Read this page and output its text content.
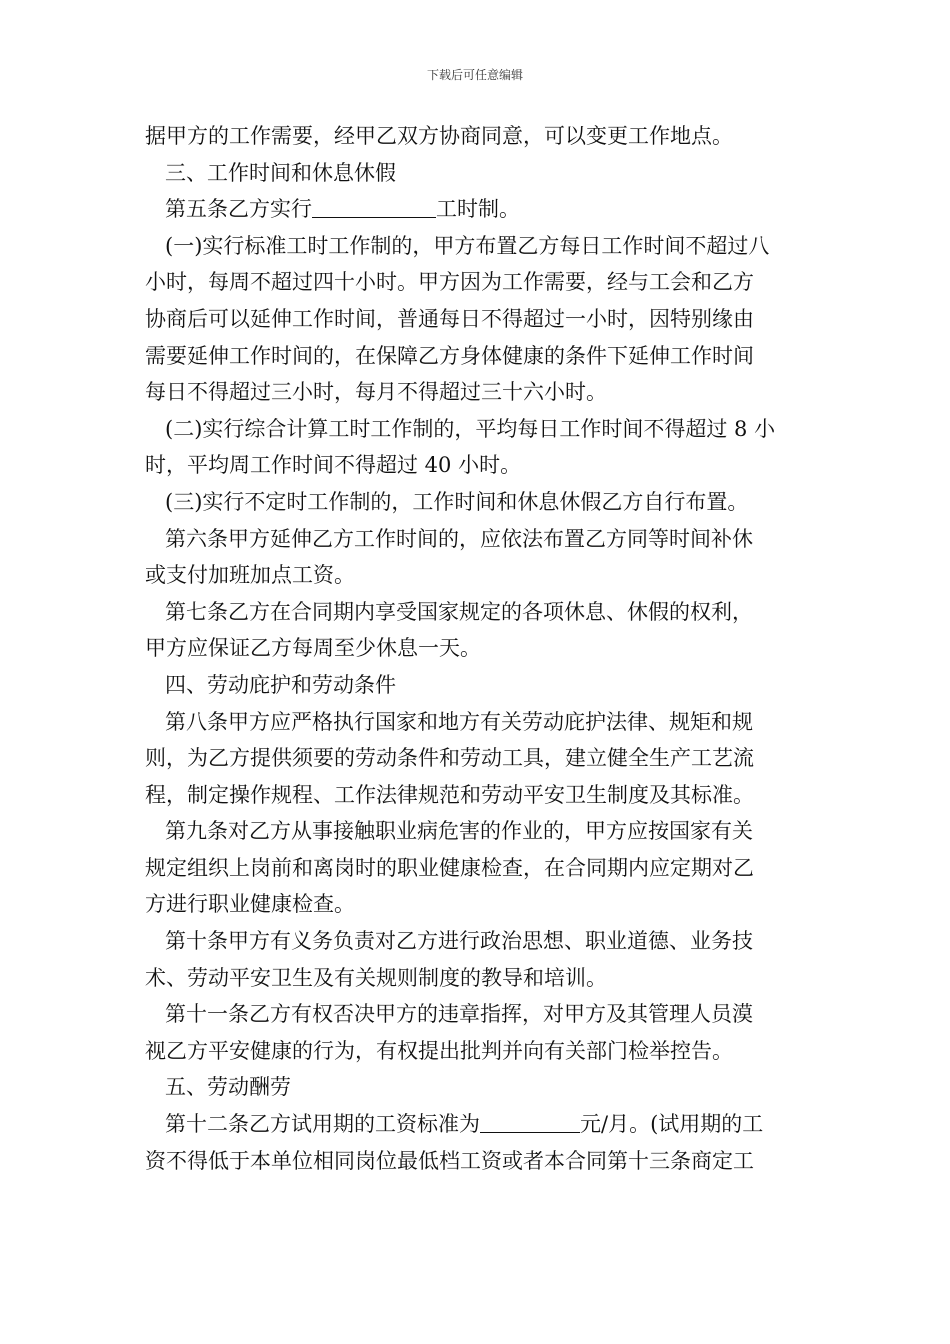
下载后可任意编辑
据甲方的工作需要，经甲乙双方协商同意，可以变更工作地点。
三、工作时间和休息休假
第五条乙方实行	工时制。
(一)实行标准工时工作制的，甲方布置乙方每日工作时间不超过八
小时，每周不超过四十小时。甲方因为工作需要，经与工会和乙方
协商后可以延伸工作时间，普通每日不得超过一小时，因特别缘由
需要延伸工作时间的，在保障乙方身体健康的条件下延伸工作时间
每日不得超过三小时，每月不得超过三十六小时。
(二)实行综合计算工时工作制的，平均每日工作时间不得超过 8 小
时，平均周工作时间不得超过 40 小时。
(三)实行不定时工作制的，工作时间和休息休假乙方自行布置。
第六条甲方延伸乙方工作时间的，应依法布置乙方同等时间补休
或支付加班加点工资。
第七条乙方在合同期内享受国家规定的各项休息、休假的权利，
甲方应保证乙方每周至少休息一天。
四、劳动庇护和劳动条件
第八条甲方应严格执行国家和地方有关劳动庇护法律、规矩和规
则，为乙方提供须要的劳动条件和劳动工具，建立健全生产工艺流
程，制定操作规程、工作法律规范和劳动平安卫生制度及其标准。
第九条对乙方从事接触职业病危害的作业的，甲方应按国家有关
规定组织上岗前和离岗时的职业健康检查，在合同期内应定期对乙
方进行职业健康检查。
第十条甲方有义务负责对乙方进行政治思想、职业道德、业务技
术、劳动平安卫生及有关规则制度的教导和培训。
第十一条乙方有权否决甲方的违章指挥，对甲方及其管理人员漠
视乙方平安健康的行为，有权提出批判并向有关部门检举控告。
五、劳动酬劳
第十二条乙方试用期的工资标准为	元/月。(试用期的工
资不得低于本单位相同岗位最低档工资或者本合同第十三条商定工
